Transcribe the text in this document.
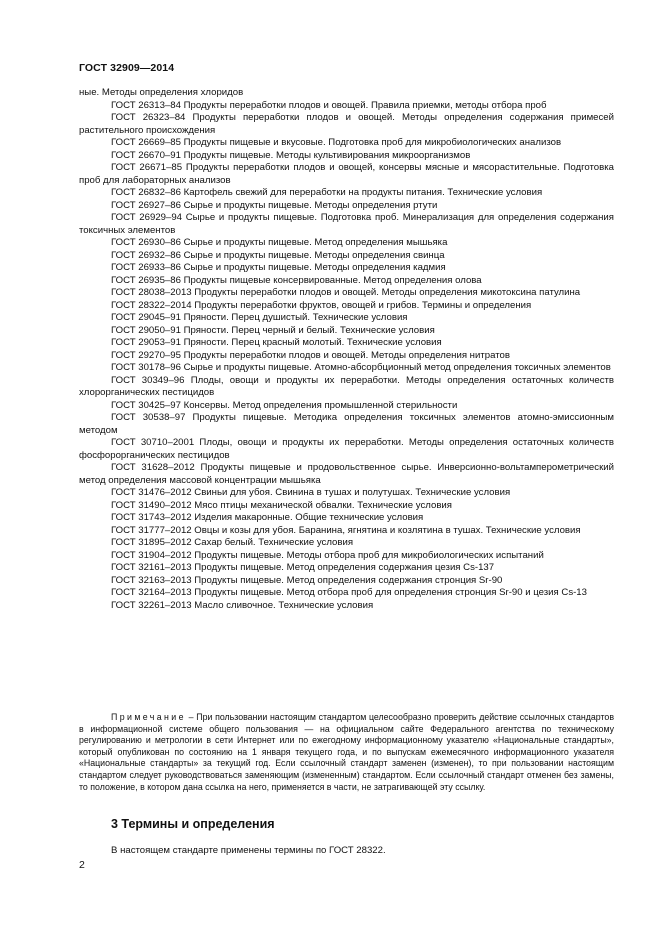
ГОСТ 32909—2014

ные. Методы определения хлоридов

ГОСТ 26313–84 Продукты переработки плодов и овощей. Правила приемки, методы отбора проб

ГОСТ 26323–84 Продукты переработки плодов и овощей. Методы определения содержания примесей растительного происхождения

ГОСТ 26669–85 Продукты пищевые и вкусовые. Подготовка проб для микробиологических анализов

ГОСТ 26670–91 Продукты пищевые. Методы культивирования микроорганизмов

ГОСТ 26671–85 Продукты переработки плодов и овощей, консервы мясные и мясорастительные. Подготовка проб для лабораторных анализов

ГОСТ 26832–86 Картофель свежий для переработки на продукты питания. Технические условия

ГОСТ 26927–86 Сырье и продукты пищевые. Методы определения ртути

ГОСТ 26929–94 Сырье и продукты пищевые. Подготовка проб. Минерализация для определения содержания токсичных элементов

ГОСТ 26930–86 Сырье и продукты пищевые. Метод определения мышьяка

ГОСТ 26932–86 Сырье и продукты пищевые. Методы определения свинца

ГОСТ 26933–86 Сырье и продукты пищевые. Методы определения кадмия

ГОСТ 26935–86 Продукты пищевые консервированные. Метод определения олова

ГОСТ 28038–2013 Продукты переработки плодов и овощей. Методы определения микотоксина патулина

ГОСТ 28322–2014 Продукты переработки фруктов, овощей и грибов. Термины и определения

ГОСТ 29045–91 Пряности. Перец душистый. Технические условия

ГОСТ 29050–91 Пряности. Перец черный и белый. Технические условия

ГОСТ 29053–91 Пряности. Перец красный молотый. Технические условия

ГОСТ 29270–95 Продукты переработки плодов и овощей. Методы определения нитратов

ГОСТ 30178–96 Сырье и продукты пищевые. Атомно-абсорбционный метод определения токсичных элементов

ГОСТ 30349–96 Плоды, овощи и продукты их переработки. Методы определения остаточных количеств хлорорганических пестицидов

ГОСТ 30425–97 Консервы. Метод определения промышленной стерильности

ГОСТ 30538–97 Продукты пищевые. Методика определения токсичных элементов атомно-эмиссионным методом

ГОСТ 30710–2001 Плоды, овощи и продукты их переработки. Методы определения остаточных количеств фосфорорганических пестицидов

ГОСТ 31628–2012 Продукты пищевые и продовольственное сырье. Инверсионно-вольтамперометрический метод определения массовой концентрации мышьяка

ГОСТ 31476–2012 Свиньи для убоя. Свинина в тушах и полутушах. Технические условия

ГОСТ 31490–2012 Мясо птицы механической обвалки. Технические условия

ГОСТ 31743–2012 Изделия макаронные. Общие технические условия

ГОСТ 31777–2012 Овцы и козы для убоя. Баранина, ягнятина и козлятина в тушах. Технические условия

ГОСТ 31895–2012 Сахар белый. Технические условия

ГОСТ 31904–2012 Продукты пищевые. Методы отбора проб для микробиологических испытаний

ГОСТ 32161–2013 Продукты пищевые. Метод определения содержания цезия Cs-137

ГОСТ 32163–2013 Продукты пищевые. Метод определения содержания стронция Sr-90

ГОСТ 32164–2013 Продукты пищевые. Метод отбора проб для определения стронция Sr-90 и цезия Cs-13

ГОСТ 32261–2013 Масло сливочное. Технические условия

Примечание – При пользовании настоящим стандартом целесообразно проверить действие ссылочных стандартов в информационной системе общего пользования — на официальном сайте Федерального агентства по техническому регулированию и метрологии в сети Интернет или по ежегодному информационному указателю «Национальные стандарты», который опубликован по состоянию на 1 января текущего года, и по выпускам ежемесячного информационного указателя «Национальные стандарты» за текущий год. Если ссылочный стандарт заменен (изменен), то при пользовании настоящим стандартом следует руководствоваться заменяющим (измененным) стандартом. Если ссылочный стандарт отменен без замены, то положение, в котором дана ссылка на него, применяется в части, не затрагивающей эту ссылку.

3 Термины и определения

В настоящем стандарте применены термины по ГОСТ 28322.

2
